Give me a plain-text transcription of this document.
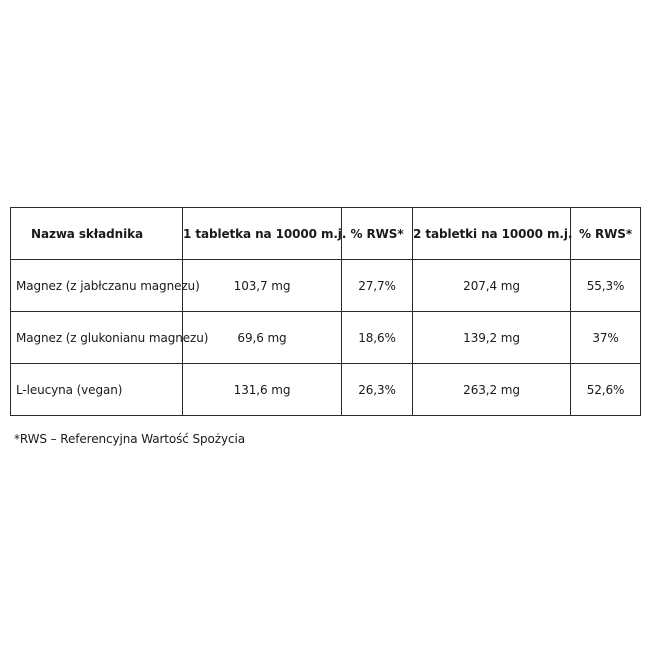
Nazwa składnika	1 tabletka na 10000 m.j.	% RWS*	2 tabletki na 10000 m.j.	% RWS*
Magnez (z jabłczanu magnezu)	103,7 mg	27,7%	207,4 mg	55,3%
Magnez (z glukonianu magnezu)	69,6 mg	18,6%	139,2 mg	37%
L-leucyna (vegan)	131,6 mg	26,3%	263,2 mg	52,6%
*RWS – Referencyjna Wartość Spożycia
